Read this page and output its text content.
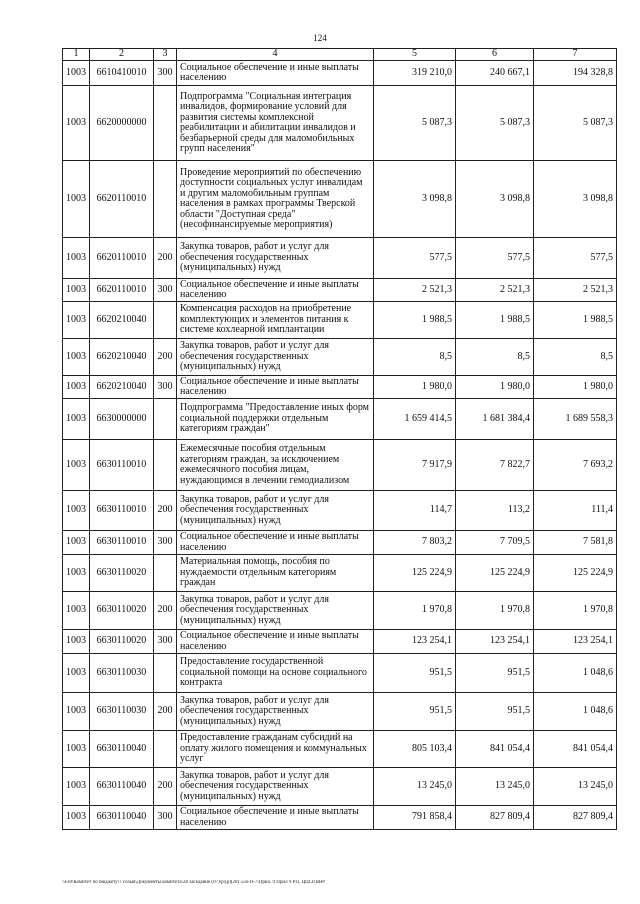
124
1	2	3	4	5	6	7
1003	6610410010	300	Социальное обеспечение и иные выплаты населению	319 210,0	240 667,1	194 328,8
1003	6620000000		Подпрограмма "Социальная интеграция инвалидов, формирование условий для развития системы комплексной реабилитации и абилитации инвалидов и безбарьерной среды для маломобильных групп населения"	5 087,3	5 087,3	5 087,3
1003	6620110010		Проведение мероприятий по обеспечению доступности социальных услуг инвалидам и другим маломобильным группам населения в рамках программы Тверской области "Доступная среда" (несофинансируемые мероприятия)	3 098,8	3 098,8	3 098,8
1003	6620110010	200	Закупка товаров, работ и услуг для обеспечения государственных (муниципальных) нужд	577,5	577,5	577,5
1003	6620110010	300	Социальное обеспечение и иные выплаты населению	2 521,3	2 521,3	2 521,3
1003	6620210040		Компенсация расходов на приобретение комплектующих и элементов питания к системе кохлеарной имплантации	1 988,5	1 988,5	1 988,5
1003	6620210040	200	Закупка товаров, работ и услуг для обеспечения государственных (муниципальных) нужд	8,5	8,5	8,5
1003	6620210040	300	Социальное обеспечение и иные выплаты населению	1 980,0	1 980,0	1 980,0
1003	6630000000		Подпрограмма "Предоставление иных форм социальной поддержки отдельным категориям граждан"	1 659 414,5	1 681 384,4	1 689 558,3
1003	6630110010		Ежемесячные пособия отдельным категориям граждан, за исключением ежемесячного пособия лицам, нуждающимся в лечении гемодиализом	7 917,9	7 822,7	7 693,2
1003	6630110010	200	Закупка товаров, работ и услуг для обеспечения государственных (муниципальных) нужд	114,7	113,2	111,4
1003	6630110010	300	Социальное обеспечение и иные выплаты населению	7 803,2	7 709,5	7 581,8
1003	6630110020		Материальная помощь, пособия по нуждаемости отдельным категориям граждан	125 224,9	125 224,9	125 224,9
1003	6630110020	200	Закупка товаров, работ и услуг для обеспечения государственных (муниципальных) нужд	1 970,8	1 970,8	1 970,8
1003	6630110020	300	Социальное обеспечение и иные выплаты населению	123 254,1	123 254,1	123 254,1
1003	6630110030		Предоставление государственной социальной помощи на основе социального контракта	951,5	951,5	1 048,6
1003	6630110030	200	Закупка товаров, работ и услуг для обеспечения государственных (муниципальных) нужд	951,5	951,5	1 048,6
1003	6630110040		Предоставление гражданам субсидий на оплату жилого помещения и коммунальных услуг	805 103,4	841 054,4	841 054,4
1003	6630110040	200	Закупка товаров, работ и услуг для обеспечения государственных (муниципальных) нужд	13 245,0	13 245,0	13 245,0
1003	6630110040	300	Социальное обеспечение и иные выплаты населению	791 858,4	827 809,4	827 809,4
\\Fs0\Комитет по бюджету\7 созыв\Документы комитета\28 заседание (07)\р\(р)(28) 556-П-7\Прил. 9 Прил 9 РП, ЦЦСР,ВВР
